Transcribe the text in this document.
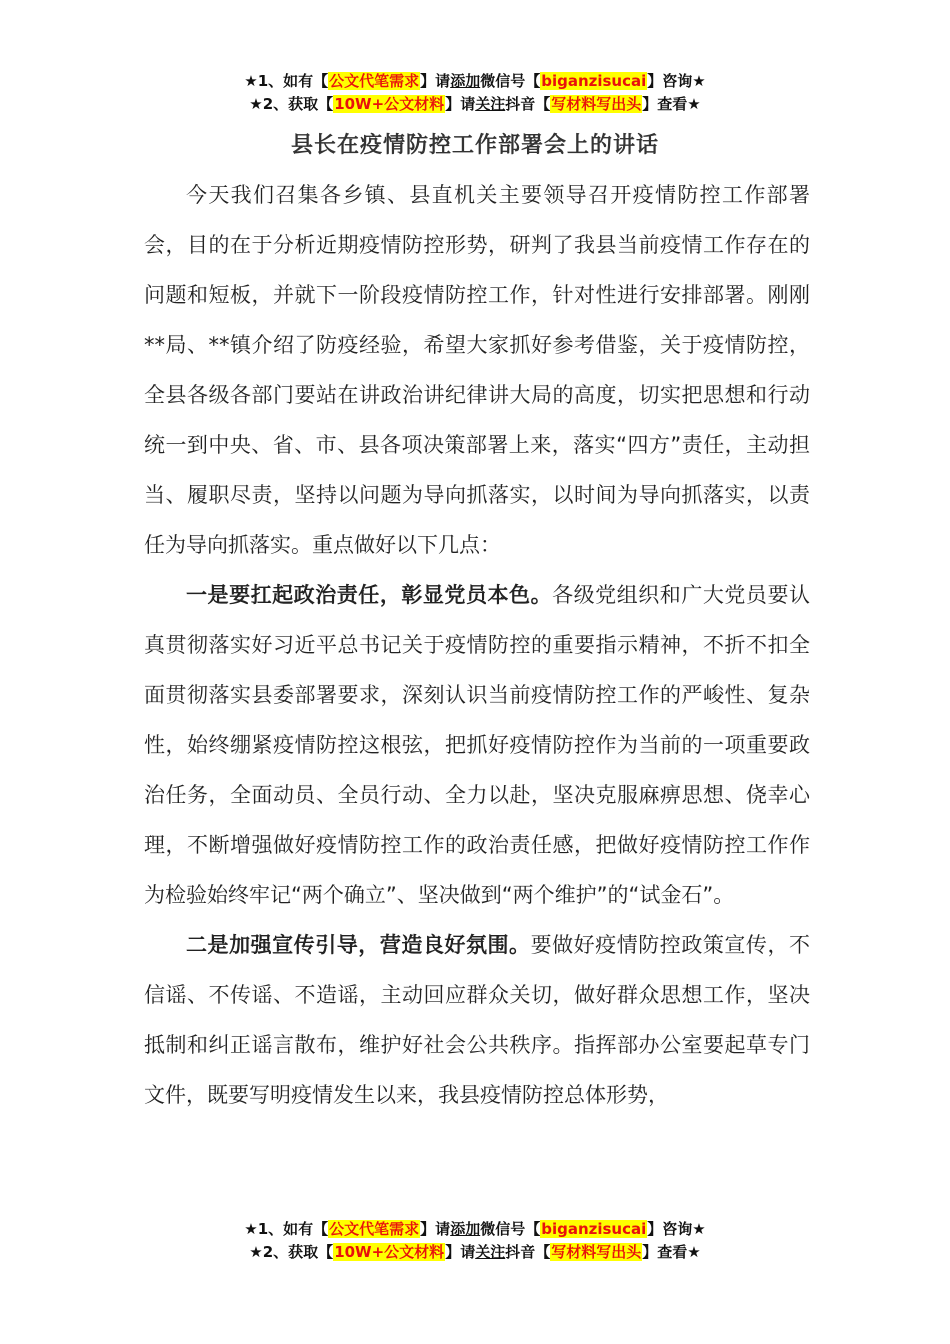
★1、如有【公文代笔需求】请添加微信号【biganzisucai】咨询★
★2、获取【10W+公文材料】请关注抖音【写材料写出头】查看★
县长在疫情防控工作部署会上的讲话

今天我们召集各乡镇、县直机关主要领导召开疫情防控工作部署会，目的在于分析近期疫情防控形势，研判了我县当前疫情工作存在的问题和短板，并就下一阶段疫情防控工作，针对性进行安排部署。刚刚**局、**镇介绍了防疫经验，希望大家抓好参考借鉴，关于疫情防控，全县各级各部门要站在讲政治讲纪律讲大局的高度，切实把思想和行动统一到中央、省、市、县各项决策部署上来，落实“四方”责任，主动担当、履职尽责，坚持以问题为导向抓落实，以时间为导向抓落实，以责任为导向抓落实。重点做好以下几点：

一是要扛起政治责任，彰显党员本色。各级党组织和广大党员要认真贯彻落实好习近平总书记关于疫情防控的重要指示精神，不折不扣全面贯彻落实县委部署要求，深刻认识当前疫情防控工作的严峻性、复杂性，始终绷紧疫情防控这根弦，把抓好疫情防控作为当前的一项重要政治任务，全面动员、全员行动、全力以赴，坚决克服麻痹思想、侥幸心理，不断增强做好疫情防控工作的政治责任感，把做好疫情防控工作作为检验始终牢记“两个确立”、坚决做到“两个维护”的“试金石”。

二是加强宣传引导，营造良好氛围。要做好疫情防控政策宣传，不信谣、不传谣、不造谣，主动回应群众关切，做好群众思想工作，坚决抵制和纠正谣言散布，维护好社会公共秩序。指挥部办公室要起草专门文件，既要写明疫情发生以来，我县疫情防控总体形势，

★1、如有【公文代笔需求】请添加微信号【biganzisucai】咨询★
★2、获取【10W+公文材料】请关注抖音【写材料写出头】查看★
